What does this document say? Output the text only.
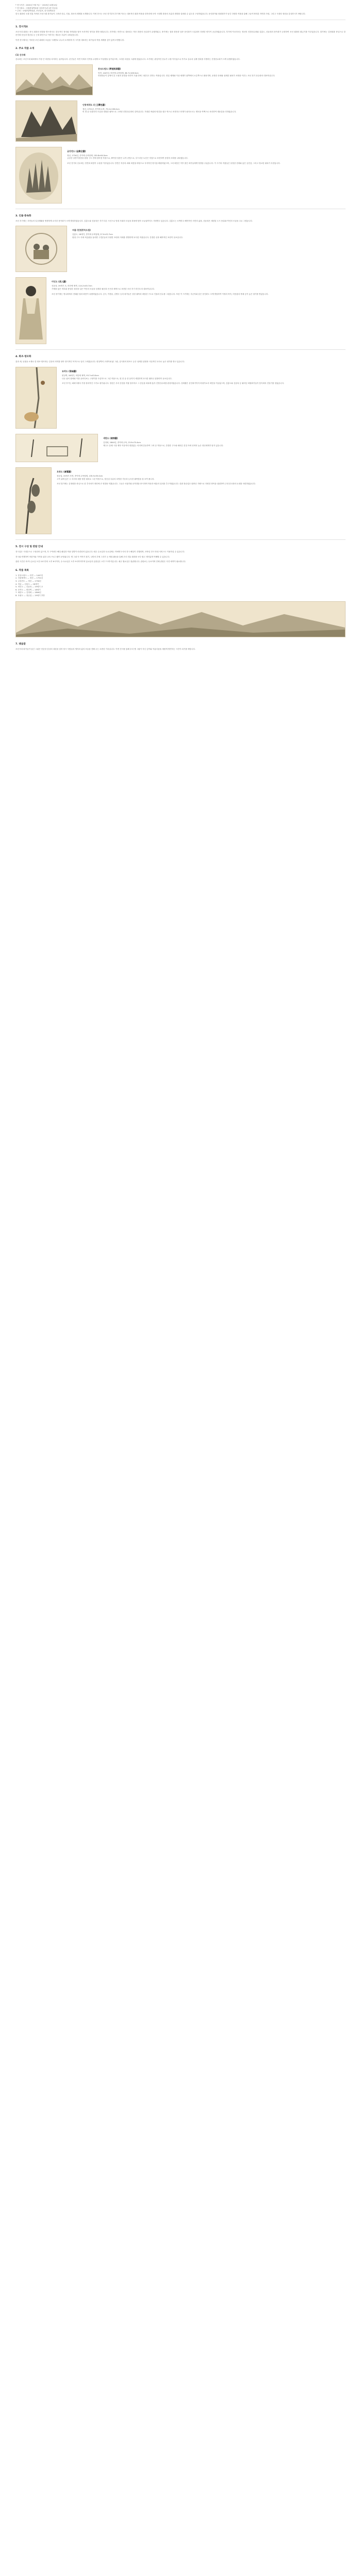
* 전시기간 : 2015년 7월 7일 ~ 2015년 10월 4일
* 전시장소 : 국립중앙박물관 상설전시관 2층 미술실
* 주최 : 국립중앙박물관, 조선일보, 한국경제신문

한국 회화의 오랜 전통 속에서 조선시대 화가들이 그려낸 산수, 인물, 화조의 세계를 소개합니다. 이번 전시는 조선 전기부터 후기에 이르는 대표적인 회화 작품을 한자리에 모아 시대별 화풍의 흐름과 변화를 살펴볼 수 있도록 구성하였습니다. 문인화가와 화원화가가 남긴 다양한 작품을 통해 그들이 바라본 자연과 사람, 그리고 시대의 정신을 감상하시기 바랍니다.

1. 전시개요

조선시대 회화는 중국 회화의 영향을 받으면서도 한국적인 정서와 자연관을 담아 독자적인 양식을 발전시켰습니다. 전기에는 안견으로 대표되는 북송 화풍의 산수화가 유행하였고, 중기에는 절파 화풍과 남종 문인화가 도입되어 다양한 양식이 공존하였습니다. 후기에 이르러서는 정선의 진경산수화와 김홍도, 신윤복의 풍속화가 등장하여 조선 회화의 황금기를 이루었습니다. 말기에는 김정희를 중심으로 한 문인화 운동과 장승업 등 근대 화단으로 이어지는 새로운 흐름이 나타났습니다.

이번 전시에서는 이러한 조선 회화의 흐름을 시대별로 나누어 소개하며 각 시기를 대표하는 화가들의 작품 세계를 깊이 있게 조명합니다.

2. 주요 작품 소개
(1) 산수화

산수화는 조선시대 회화에서 가장 큰 비중을 차지하는 분야입니다. 문인들은 자연 속에서 인격을 수양하고 이상향을 꿈꾸었으며, 그러한 마음을 그림에 담았습니다. 초기에는 관념적인 산수가 주를 이루었으나 후기로 갈수록 실제 경치를 사생하는 진경산수화가 크게 유행하였습니다.

몽유도원도 (夢遊桃源圖)
안견, 1447년, 비단에 수묵담채, 38.7×106.5cm

안평대군이 꿈에서 본 도원의 풍경을 안견이 사흘 만에 그렸다고 전하는 작품입니다. 현실 세계와 이상 세계가 왼쪽에서 오른쪽으로 펼쳐지며, 웅장한 산세와 섬세한 필치가 조화를 이루는 조선 전기 산수화의 대표작입니다.

인왕제색도 (仁王霽色圖)
정선, 1751년, 종이에 수묵, 79.2×138.2cm

비 갠 뒤 인왕산의 모습을 대담한 필묵으로 그려낸 진경산수화의 걸작입니다. 거대한 바위의 양감을 짙은 먹으로 표현하고 안개가 피어오르는 계곡을 여백으로 처리하여 생동감을 더하였습니다.

금강전도 (金剛全圖)
정선, 1734년, 종이에 수묵담채, 130.8×94.5cm

금강산 일만이천봉을 원형 구도 안에 담아낸 작품으로, 뾰족한 암봉은 수직 준법으로, 부드러운 토산은 미점으로 표현하여 음양의 조화를 나타냈습니다.

조선 전기의 산수화는 안견파 화풍이 주류를 이루었습니다. 안견은 북송의 곽희 화풍을 바탕으로 독자적인 양식을 확립하였으며, 그의 화풍은 이후 많은 화가들에게 영향을 주었습니다. 이 시기의 작품들은 웅장한 산세와 넓은 공간감, 그리고 정교한 필치가 특징입니다.

3. 인물·풍속화

조선 후기에는 서민들의 일상생활을 생생하게 묘사한 풍속화가 크게 발달하였습니다. 김홍도와 신윤복은 각기 다른 시선으로 당대 사회의 모습을 화폭에 담아 오늘날까지도 사랑받고 있습니다. 김홍도는 소박하고 해학적인 서민의 삶을, 신윤복은 세련된 도시 풍류와 여인의 모습을 주로 그렸습니다.

씨름 (단원풍속도첩)
김홍도, 18세기, 종이에 수묵담채, 27.0×22.7cm

원형 구도 속에 씨름판을 둘러싼 구경꾼들의 다양한 표정과 자세를 생생하게 묘사한 작품입니다. 간결한 선과 해학적인 표현이 돋보입니다.

미인도 (美人圖)
신윤복, 19세기 초, 비단에 채색, 114.2×45.7cm

가체를 얹은 머리와 풍성한 치마를 입은 여인의 모습을 섬세한 필선과 은은한 채색으로 표현한 조선 후기 미인도의 대표작입니다.

조선 중기에는 명나라에서 전래된 절파 화풍이 유행하였습니다. 김시, 이경윤, 김명국 등의 화가들은 강한 필묵과 대담한 구도로 인물과 산수를 그렸습니다. 또한 이 시기에는 사군자와 같은 문인화도 크게 발달하여 이정의 묵죽, 어몽룡의 묵매 등이 높은 평가를 받았습니다.

4. 화조·영모화

꽃과 새, 동물을 소재로 한 화조·영모화는 길상의 의미를 담아 장식적인 목적으로 널리 그려졌습니다. 변상벽의 고양이와 닭 그림, 심사정의 화조도 등은 섬세한 관찰과 사실적인 묘사로 높은 평가를 받고 있습니다.

묘작도 (猫雀圖)
변상벽, 18세기, 비단에 채색, 93.7×43.0cm

나무 위의 참새와 이를 올려다보는 고양이를 사실적으로 그린 작품으로, 털 한 올 한 올까지 세밀하게 묘사한 뛰어난 관찰력이 돋보입니다.

조선 후기는 회화사에서 가장 창의적인 시기로 평가됩니다. 정선은 우리 산천을 직접 답사하고 그 감동을 화폭에 옮겨 진경산수화를 완성하였습니다. 강세황은 문인화가이자 비평가로서 화단을 이끌었으며, 김홍도와 신윤복 등 뛰어난 화원화가들이 풍속화의 전성기를 열었습니다.

세한도 (歲寒圖)
김정희, 1844년, 종이에 수묵, 23.9×70.4cm

제주도 유배 시절 제자 이상적의 변함없는 의리에 감동하여 그려 준 작품으로, 간결한 구도와 메마른 붓질 속에 선비의 높은 정신세계가 담겨 있습니다.

호취도 (豪鷲圖)
장승업, 19세기 후반, 종이에 수묵담채, 135.5×55.0cm

고목 위에 앉은 두 마리의 매를 힘찬 필치로 그린 작품으로, 장승업 특유의 호방한 기운과 능숙한 필묵법을 잘 보여 줍니다.

조선 말기에는 김정희를 중심으로 한 추사파가 화단에 큰 영향을 미쳤습니다. 그들은 서권기와 문자향을 중시하며 학문과 예술의 일치를 추구하였습니다. 한편 장승업은 뛰어난 기량으로 다양한 화목을 섭렵하여 근대 한국화의 토대를 마련하였습니다.

5. 전시 구성 및 관람 안내

전시실은 시대순으로 구성되어 있으며, 각 구역마다 해설 패널과 작품 설명이 마련되어 있습니다. 매주 수요일과 토요일에는 학예연구사의 전시 해설이 진행되며, 모바일 전시 안내 서비스도 이용하실 수 있습니다.

전시와 연계하여 어린이와 가족을 위한 교육 프로그램이 운영됩니다. 옛 그림 속 이야기 찾기, 나만의 부채 그리기 등 체험 활동을 통해 우리 전통 회화를 보다 쉽고 재미있게 이해할 수 있습니다.

관람 시간은 화·목·금요일 오전 10시부터 오후 6시까지, 수·토요일은 오후 9시까지이며 일요일과 공휴일은 오후 7시까지입니다. 매주 월요일은 휴관합니다. 관람료는 무료이며 단체 관람은 사전 예약이 필요합니다.

6. 작품 목록
1. 몽유도원도 — 안견 — 1447년
2. 인왕제색도 — 정선 — 1751년
3. 금강전도 — 정선 — 1734년
4. 씨름 — 김홍도 — 18세기
5. 미인도 — 신윤복 — 19세기 초
6. 묘작도 — 변상벽 — 18세기
7. 세한도 — 김정희 — 1844년
8. 호취도 — 장승업 — 19세기 후반
7. 맺음말

조선시대 화가들이 남긴 그림은 단순한 감상의 대상을 넘어 당시 사람들의 생각과 삶의 모습을 전해 주는 소중한 기록입니다. 이번 전시를 통해 우리 옛 그림이 지닌 깊이와 아름다움을 새롭게 발견하는 시간이 되기를 바랍니다.
